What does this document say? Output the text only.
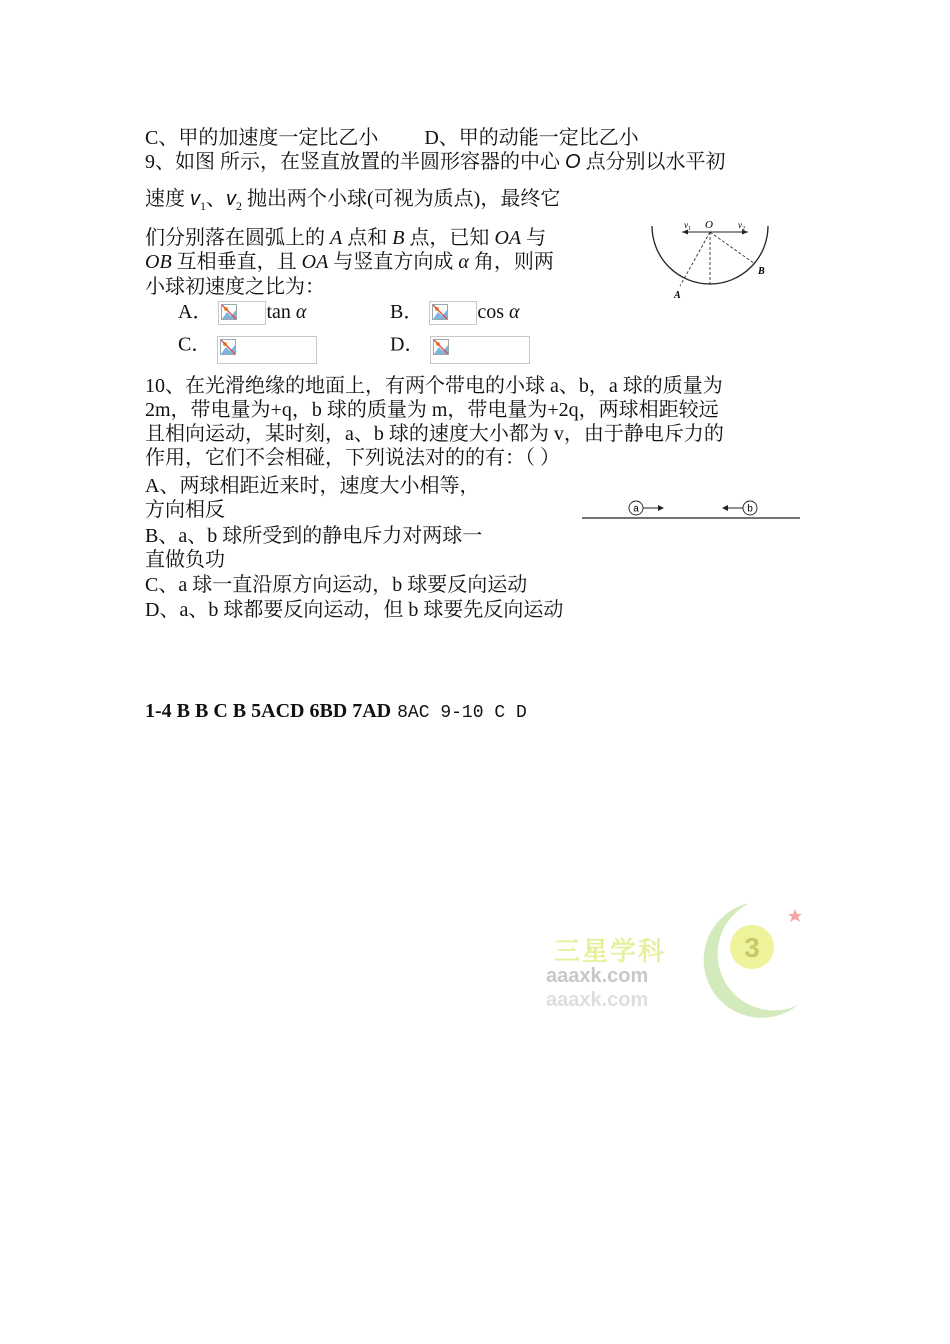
C、甲的加速度一定比乙小 D、甲的动能一定比乙小
9、如图 所示，在竖直放置的半圆形容器的中心 O 点分别以水平初
速度 $v_1$、$v_2$ 抛出两个小球(可视为质点)，最终它
们分别落在圆弧上的 A 点和 B 点，已知 OA 与
OB 互相垂直，且 OA 与竖直方向成 α 角，则两
小球初速度之比为：
A．	tan α	B．	cos α
C．	D．
$v_1$ O	$v_2$
A
B
10、在光滑绝缘的地面上，有两个带电的小球 a、b，a 球的质量为
2m，带电量为+q，b 球的质量为 m，带电量为+2q，两球相距较远
且相向运动，某时刻，a、b 球的速度大小都为 v，由于静电斥力的
作用，它们不会相碰，下列说法对的的有：（ ）
A、两球相距近来时，速度大小相等，
方向相反
B、a、b 球所受到的静电斥力对两球一
直做负功
C、a 球一直沿原方向运动，b 球要反向运动
D、a、b 球都要反向运动，但 b 球要先反向运动
a	b
1-4 B B C B 5ACD 6BD 7AD 8AC 9-10 C D
三星学科
aaaxk.com
aaaxk.com
3
